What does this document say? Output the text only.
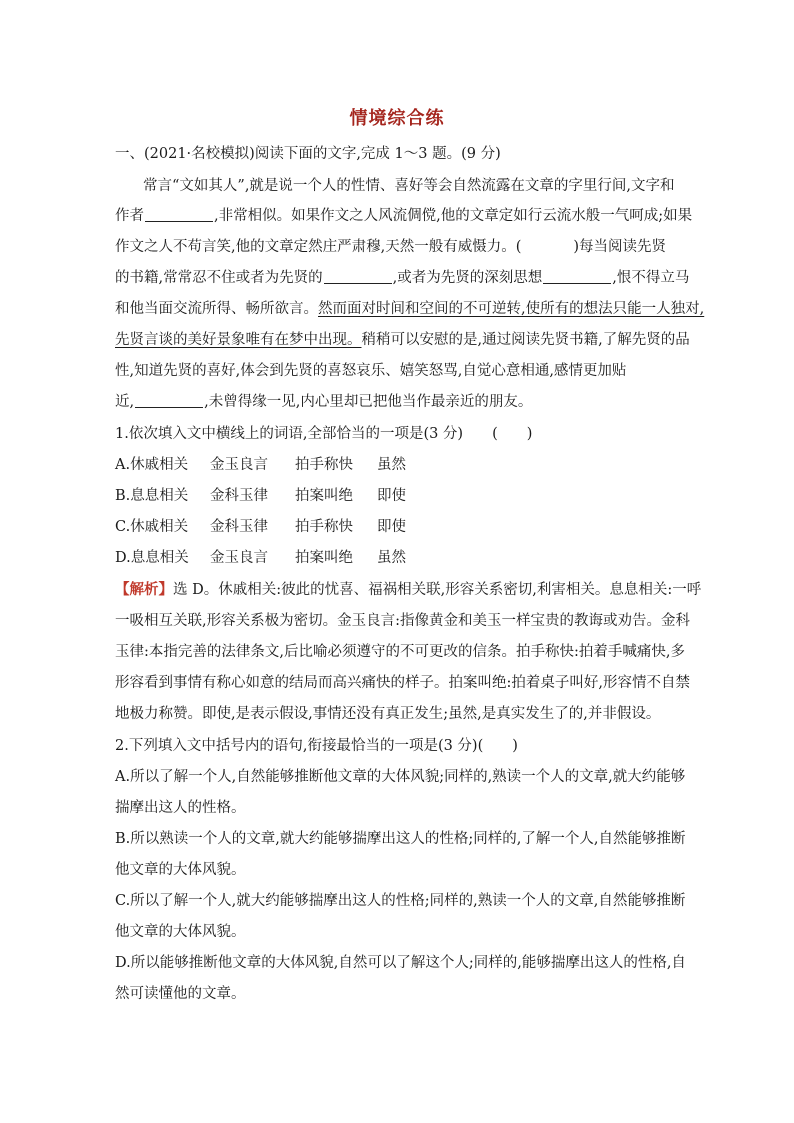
情境综合练
一、(2021·名校模拟)阅读下面的文字,完成 1～3 题。(9 分)
常言“文如其人”,就是说一个人的性情、喜好等会自然流露在文章的字里行间,文字和
作者	,非常相似。如果作文之人风流倜傥,他的文章定如行云流水般一气呵成;如果
作文之人不苟言笑,他的文章定然庄严肃穆,天然一般有威慑力。(	)每当阅读先贤
的书籍,常常忍不住或者为先贤的	,或者为先贤的深刻思想	,恨不得立马
和他当面交流所得、畅所欲言。然而面对时间和空间的不可逆转,使所有的想法只能一人独对,
先贤言谈的美好景象唯有在梦中出现。稍稍可以安慰的是,通过阅读先贤书籍,了解先贤的品
性,知道先贤的喜好,体会到先贤的喜怒哀乐、嬉笑怒骂,自觉心意相通,感情更加贴
近,	,未曾得缘一见,内心里却已把他当作最亲近的朋友。
1.依次填入文中横线上的词语,全部恰当的一项是(3 分)　　(　　)
A.休戚相关 金玉良言 拍手称快 虽然
B.息息相关 金科玉律 拍案叫绝 即使
C.休戚相关 金科玉律 拍手称快 即使
D.息息相关 金玉良言 拍案叫绝 虽然
【解析】选 D。休戚相关:彼此的忧喜、福祸相关联,形容关系密切,利害相关。息息相关:一呼
一吸相互关联,形容关系极为密切。金玉良言:指像黄金和美玉一样宝贵的教诲或劝告。金科
玉律:本指完善的法律条文,后比喻必须遵守的不可更改的信条。拍手称快:拍着手喊痛快,多
形容看到事情有称心如意的结局而高兴痛快的样子。拍案叫绝:拍着桌子叫好,形容情不自禁
地极力称赞。即使,是表示假设,事情还没有真正发生;虽然,是真实发生了的,并非假设。
2.下列填入文中括号内的语句,衔接最恰当的一项是(3 分)(　　)
A.所以了解一个人,自然能够推断他文章的大体风貌;同样的,熟读一个人的文章,就大约能够
揣摩出这人的性格。
B.所以熟读一个人的文章,就大约能够揣摩出这人的性格;同样的,了解一个人,自然能够推断
他文章的大体风貌。
C.所以了解一个人,就大约能够揣摩出这人的性格;同样的,熟读一个人的文章,自然能够推断
他文章的大体风貌。
D.所以能够推断他文章的大体风貌,自然可以了解这个人;同样的,能够揣摩出这人的性格,自
然可读懂他的文章。
